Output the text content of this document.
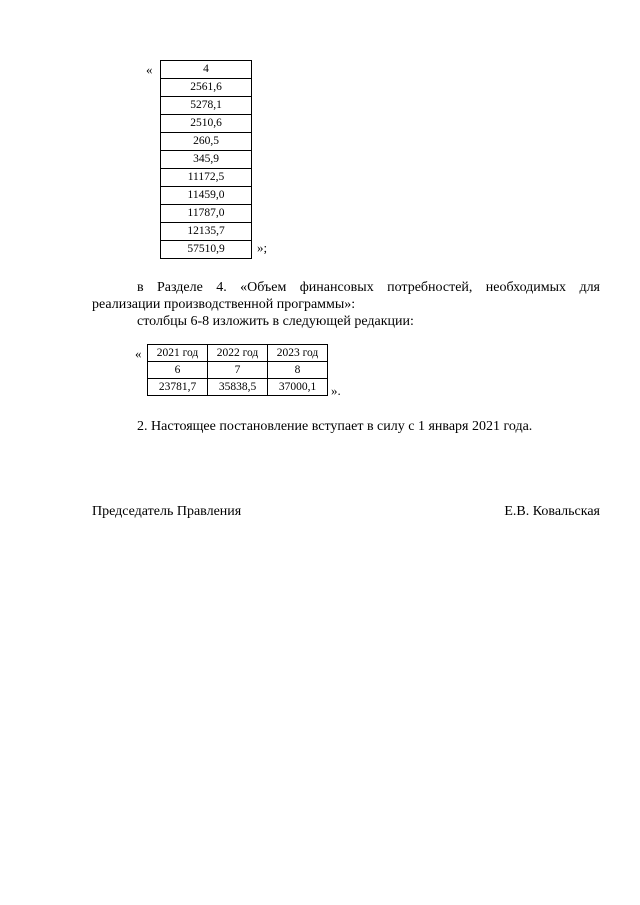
«	4
2561,6
5278,1
2510,6
260,5
345,9
11172,5
11459,0
11787,0
12135,7
57510,9 »;

в Разделе 4. «Объем финансовых потребностей, необходимых для реализации производственной программы»:

столбцы 6-8 изложить в следующей редакции:

« 2021 год	2022 год	2023 год
6	7	8
23781,7	35838,5	37000,1 ».

2. Настоящее постановление вступает в силу с 1 января 2021 года.

Председатель Правления	Е.В. Ковальская
